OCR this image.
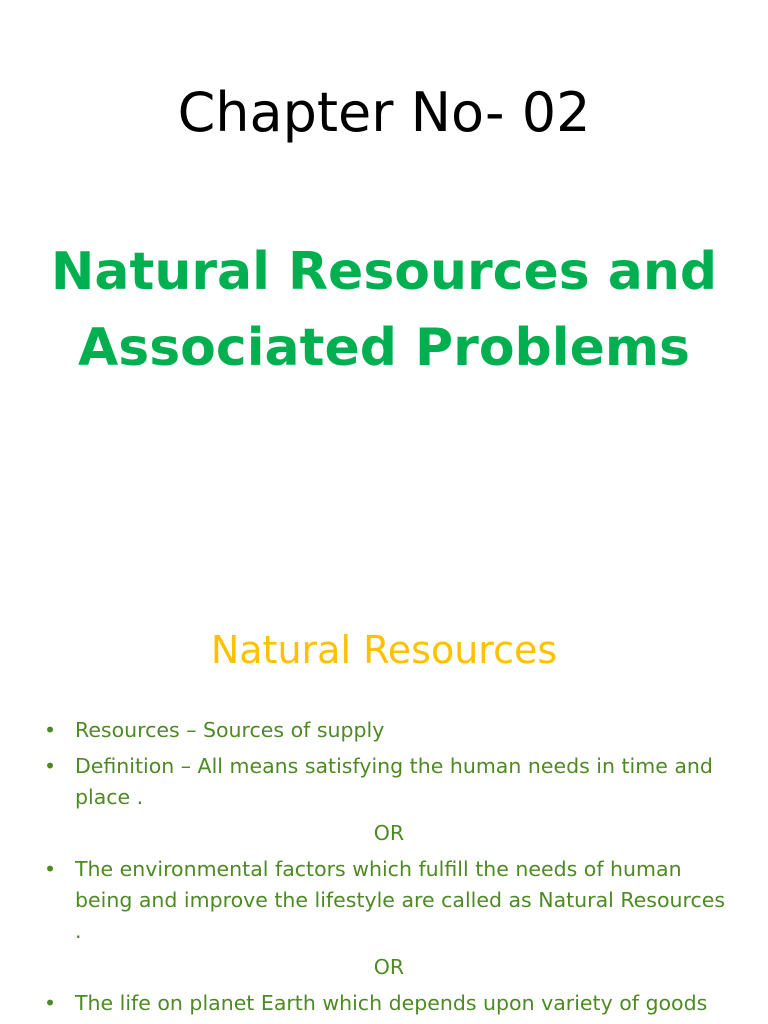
Chapter No- 02
Natural Resources and
Associated Problems
Natural Resources
• Resources – Sources of supply
• Definition – All means satisfying the human needs in time and place .
OR
• The environmental factors which fulfill the needs of human being and improve the lifestyle are called as Natural Resources .
OR
• The life on planet Earth which depends upon variety of goods
